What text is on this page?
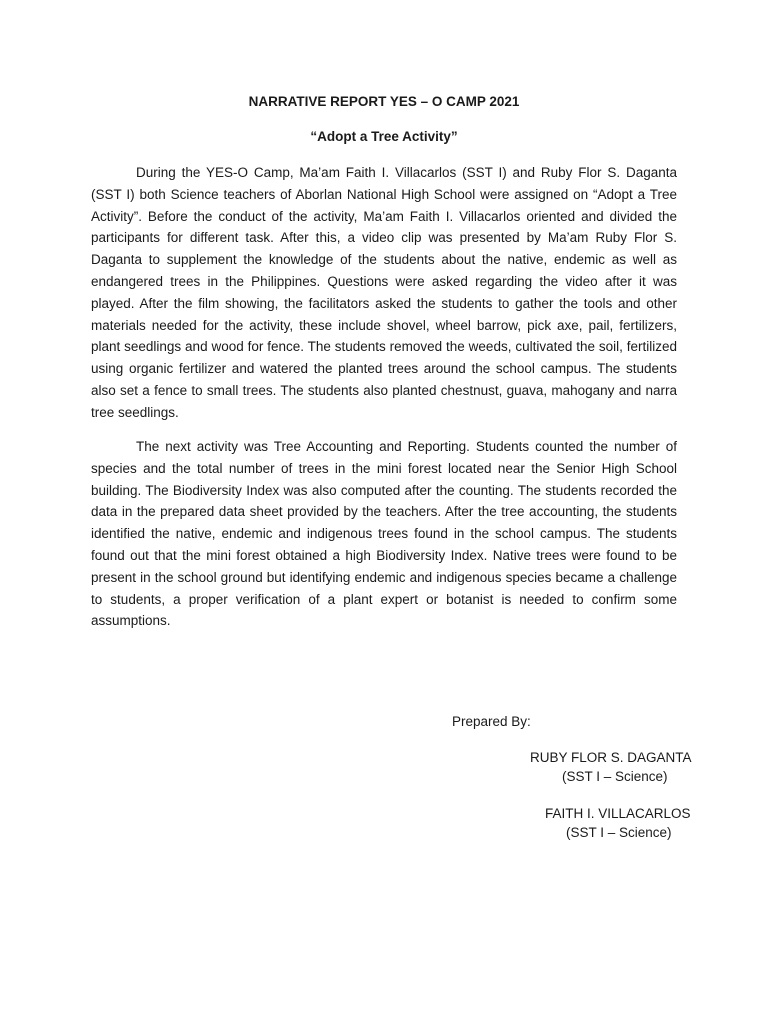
NARRATIVE REPORT YES – O CAMP 2021
“Adopt a Tree Activity”

During the YES-O Camp, Ma’am Faith I. Villacarlos (SST I) and Ruby Flor S. Daganta (SST I) both Science teachers of Aborlan National High School were assigned on “Adopt a Tree Activity”. Before the conduct of the activity, Ma’am Faith I. Villacarlos oriented and divided the participants for different task. After this, a video clip was presented by Ma’am Ruby Flor S. Daganta to supplement the knowledge of the students about the native, endemic as well as endangered trees in the Philippines. Questions were asked regarding the video after it was played. After the film showing, the facilitators asked the students to gather the tools and other materials needed for the activity, these include shovel, wheel barrow, pick axe, pail, fertilizers, plant seedlings and wood for fence. The students removed the weeds, cultivated the soil, fertilized using organic fertilizer and watered the planted trees around the school campus. The students also set a fence to small trees. The students also planted chestnust, guava, mahogany and narra tree seedlings.

The next activity was Tree Accounting and Reporting. Students counted the number of species and the total number of trees in the mini forest located near the Senior High School building. The Biodiversity Index was also computed after the counting. The students recorded the data in the prepared data sheet provided by the teachers. After the tree accounting, the students identified the native, endemic and indigenous trees found in the school campus. The students found out that the mini forest obtained a high Biodiversity Index. Native trees were found to be present in the school ground but identifying endemic and indigenous species became a challenge to students, a proper verification of a plant expert or botanist is needed to confirm some assumptions.

Prepared By:
RUBY FLOR S. DAGANTA
(SST I – Science)
FAITH I. VILLACARLOS
(SST I – Science)
